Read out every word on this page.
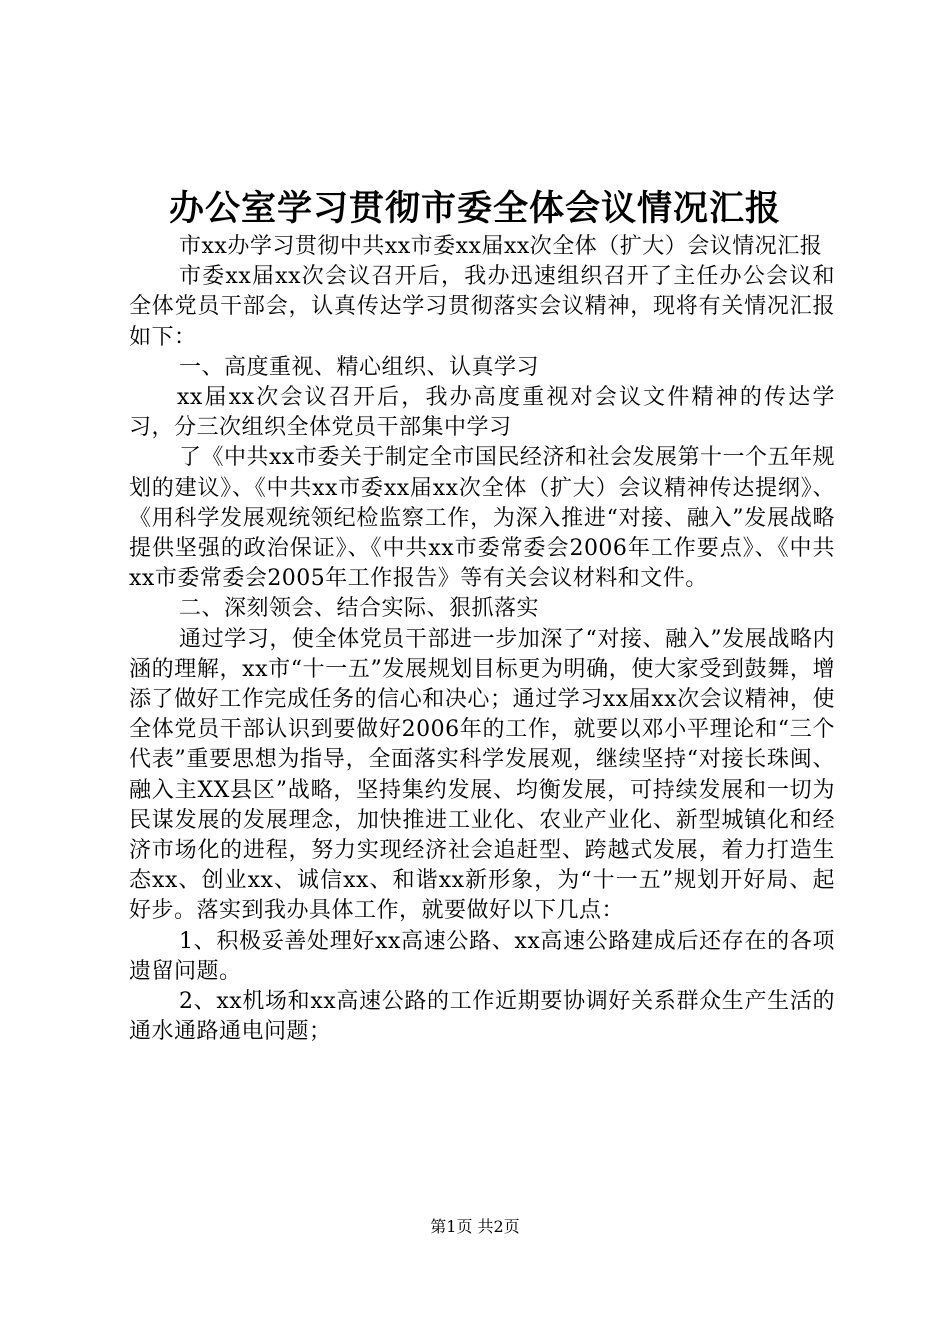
办公室学习贯彻市委全体会议情况汇报

市xx办学习贯彻中共xx市委xx届xx次全体（扩大）会议情况汇报

市委xx届xx次会议召开后，我办迅速组织召开了主任办公会议和全体党员干部会，认真传达学习贯彻落实会议精神，现将有关情况汇报如下：

一、高度重视、精心组织、认真学习

xx届xx次会议召开后，我办高度重视对会议文件精神的传达学习，分三次组织全体党员干部集中学习

了《中共xx市委关于制定全市国民经济和社会发展第十一个五年规划的建议》、《中共xx市委xx届xx次全体（扩大）会议精神传达提纲》、《用科学发展观统领纪检监察工作，为深入推进“对接、融入”发展战略提供坚强的政治保证》、《中共xx市委常委会2006年工作要点》、《中共xx市委常委会2005年工作报告》等有关会议材料和文件。

二、深刻领会、结合实际、狠抓落实

通过学习，使全体党员干部进一步加深了“对接、融入”发展战略内涵的理解，xx市“十一五”发展规划目标更为明确，使大家受到鼓舞，增添了做好工作完成任务的信心和决心；通过学习xx届xx次会议精神，使全体党员干部认识到要做好2006年的工作，就要以邓小平理论和“三个代表”重要思想为指导，全面落实科学发展观，继续坚持“对接长珠闽、融入主XX县区”战略，坚持集约发展、均衡发展，可持续发展和一切为民谋发展的发展理念，加快推进工业化、农业产业化、新型城镇化和经济市场化的进程，努力实现经济社会追赶型、跨越式发展，着力打造生态xx、创业xx、诚信xx、和谐xx新形象，为“十一五”规划开好局、起好步。落实到我办具体工作，就要做好以下几点：

1、积极妥善处理好xx高速公路、xx高速公路建成后还存在的各项遗留问题。

2、xx机场和xx高速公路的工作近期要协调好关系群众生产生活的通水通路通电问题；

第1页 共2页
